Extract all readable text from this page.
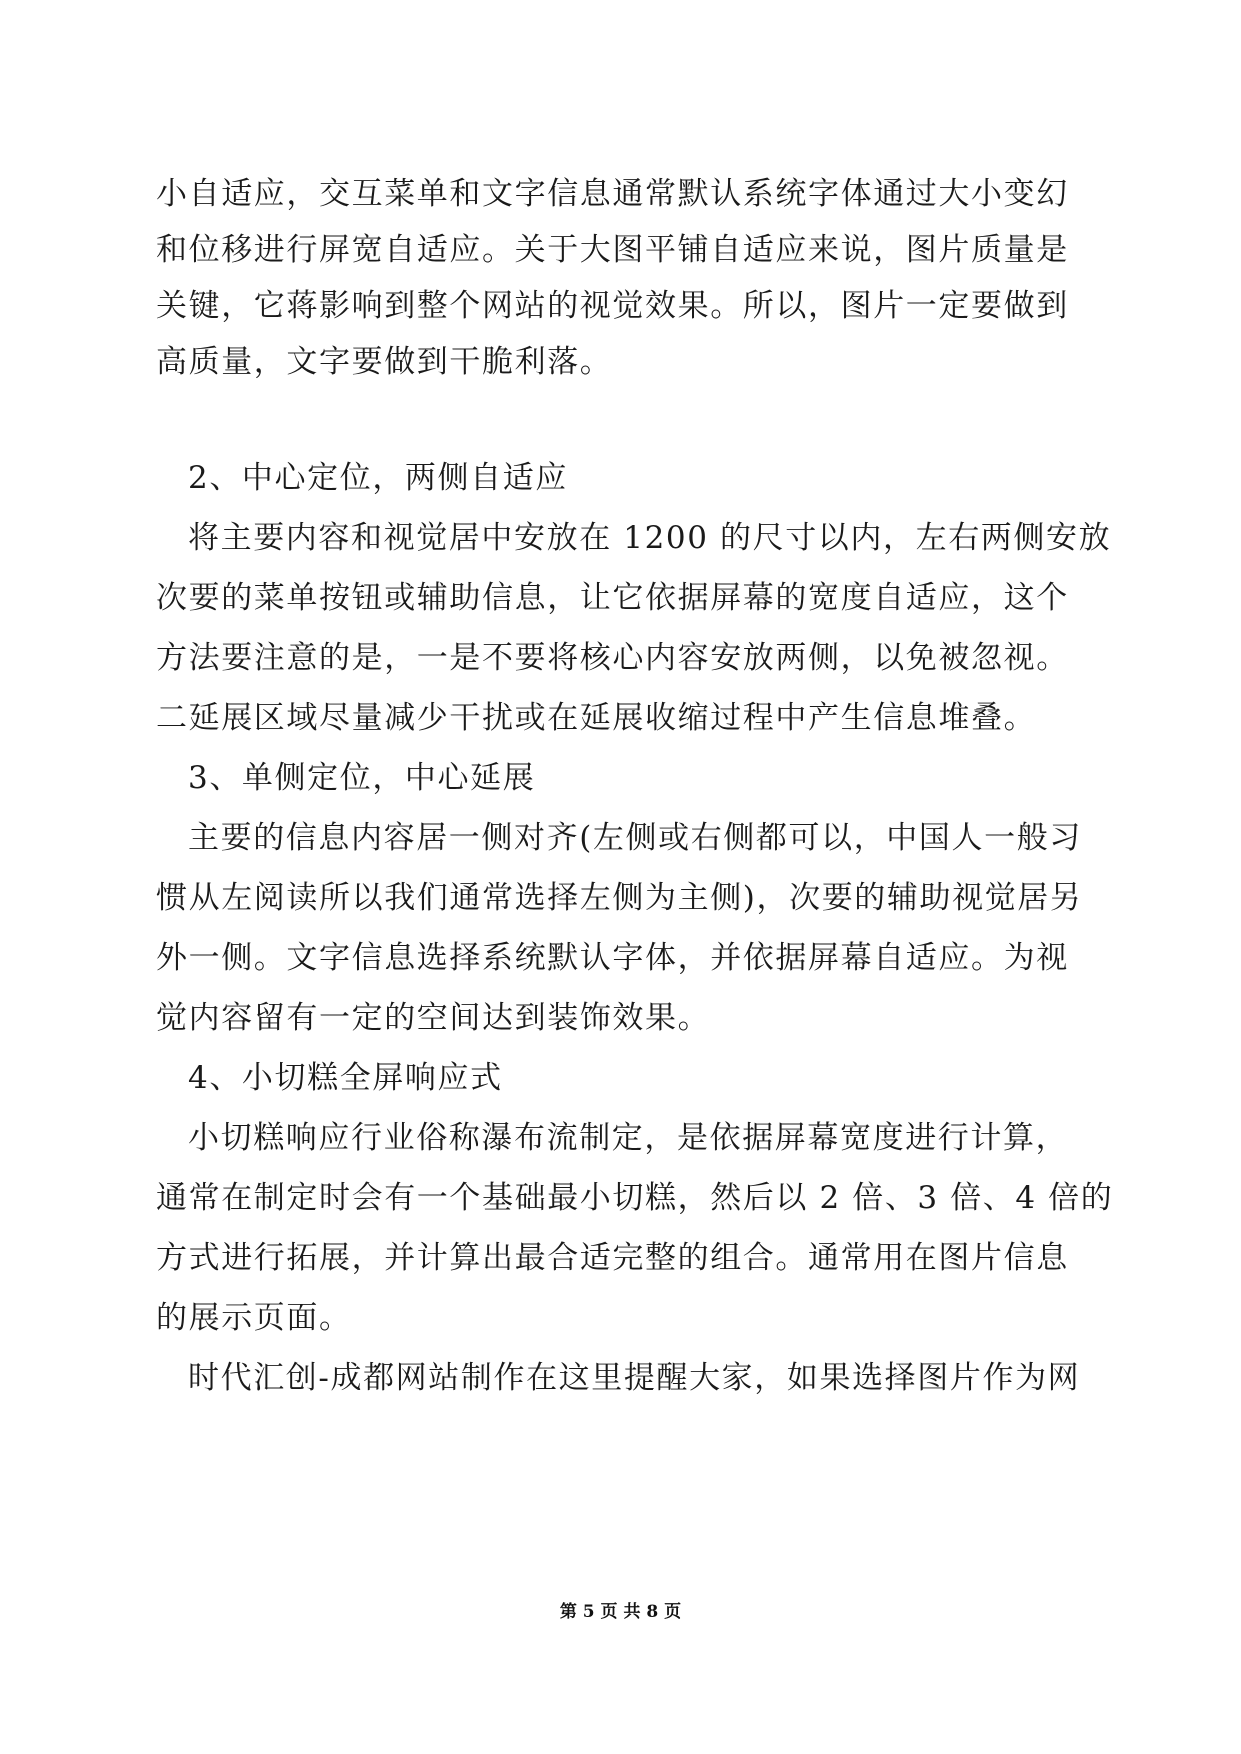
小自适应，交互菜单和文字信息通常默认系统字体通过大小变幻
和位移进行屏宽自适应。关于大图平铺自适应来说，图片质量是
关键，它蒋影响到整个网站的视觉效果。所以，图片一定要做到
高质量，文字要做到干脆利落。
2、中心定位，两侧自适应
将主要内容和视觉居中安放在 1200 的尺寸以内，左右两侧安放
次要的菜单按钮或辅助信息，让它依据屏幕的宽度自适应，这个
方法要注意的是，一是不要将核心内容安放两侧，以免被忽视。
二延展区域尽量减少干扰或在延展收缩过程中产生信息堆叠。
3、单侧定位，中心延展
主要的信息内容居一侧对齐(左侧或右侧都可以，中国人一般习
惯从左阅读所以我们通常选择左侧为主侧)，次要的辅助视觉居另
外一侧。文字信息选择系统默认字体，并依据屏幕自适应。为视
觉内容留有一定的空间达到装饰效果。
4、小切糕全屏响应式
小切糕响应行业俗称瀑布流制定，是依据屏幕宽度进行计算，
通常在制定时会有一个基础最小切糕，然后以 2 倍、3 倍、4 倍的
方式进行拓展，并计算出最合适完整的组合。通常用在图片信息
的展示页面。
时代汇创-成都网站制作在这里提醒大家，如果选择图片作为网
第 5 页 共 8 页
